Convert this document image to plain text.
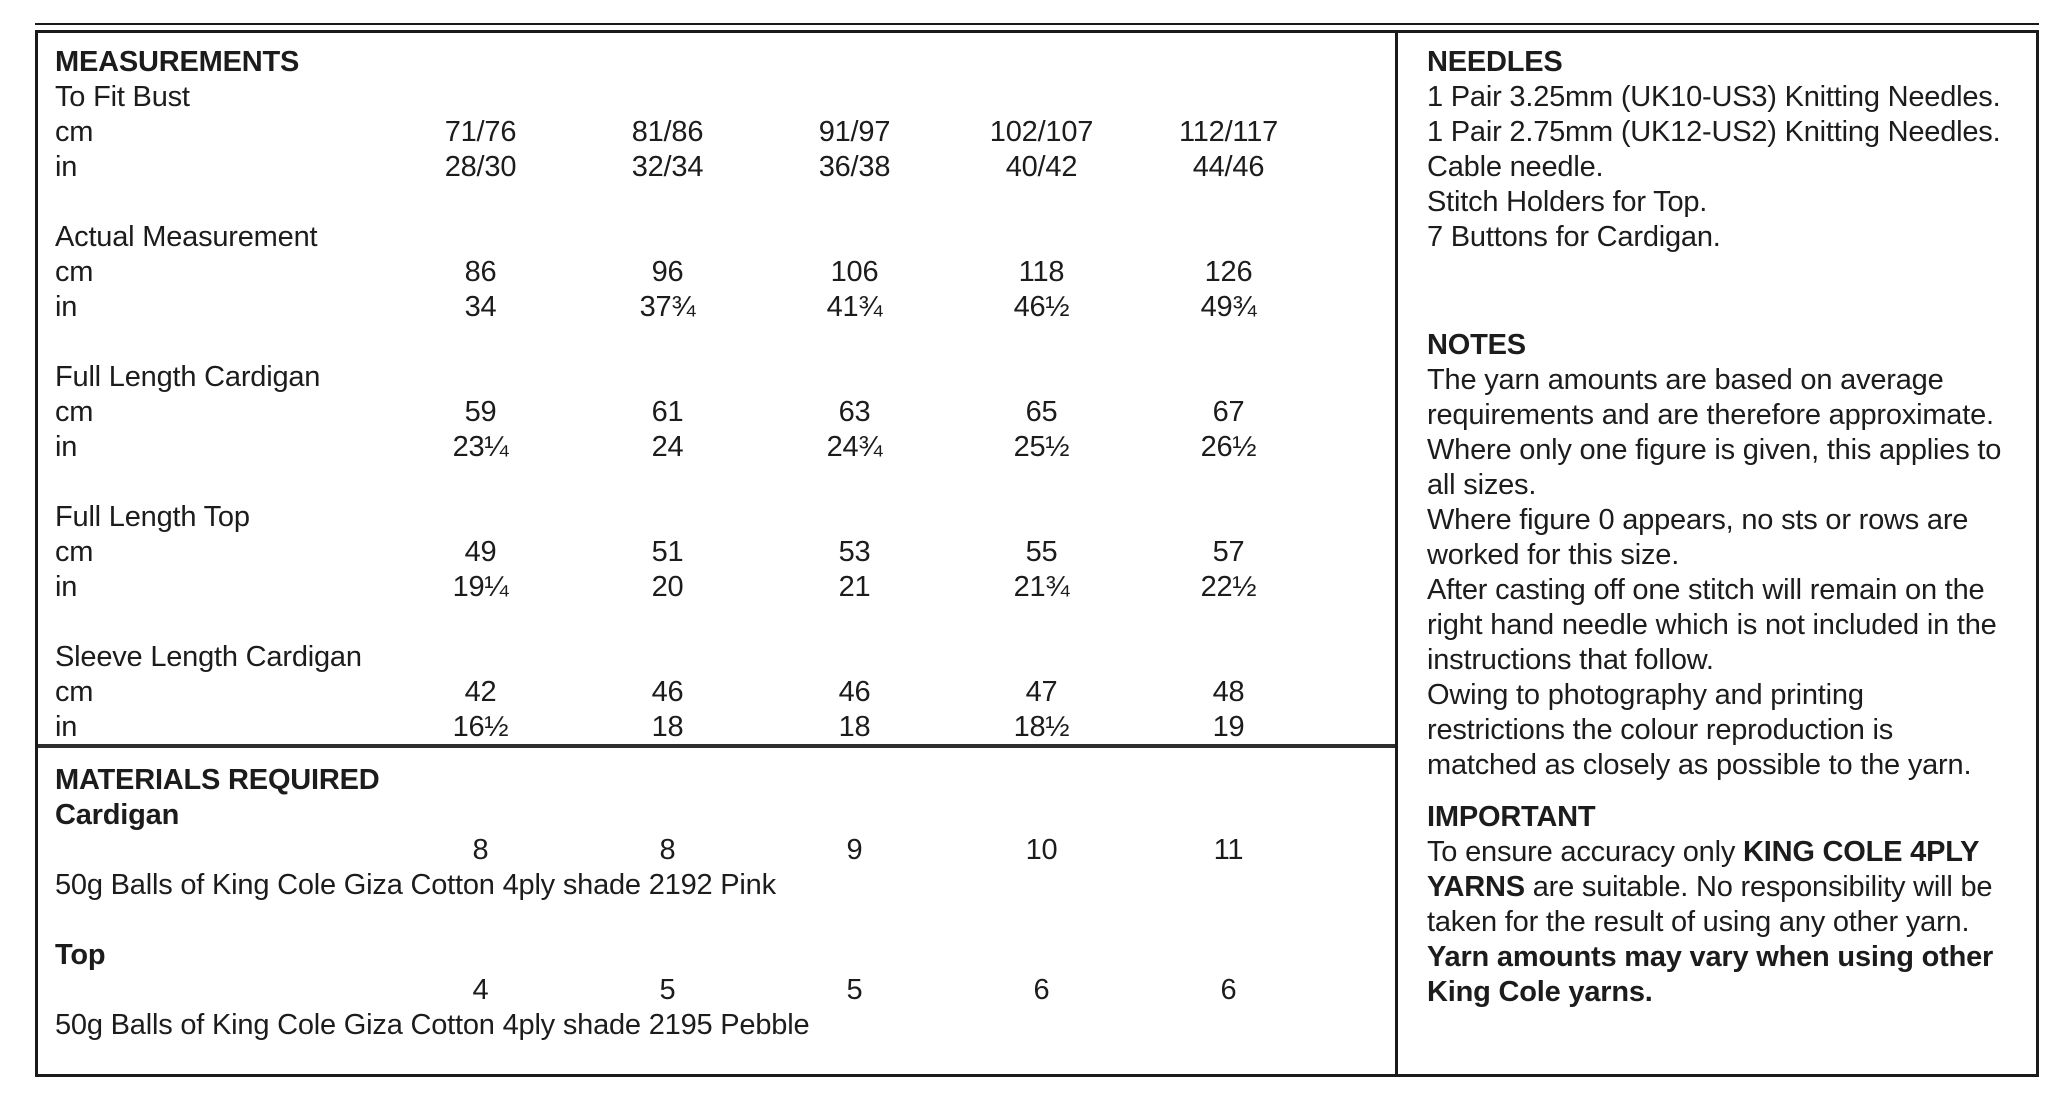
MEASUREMENTS
To Fit Bust
cm	71/76	81/86	91/97	102/107	112/117
in	28/30	32/34	36/38	40/42	44/46
Actual Measurement
cm	86	96	106	118	126
in	34	37¾	41¾	46½	49¾
Full Length Cardigan
cm	59	61	63	65	67
in	23¼	24	24¾	25½	26½
Full Length Top
cm	49	51	53	55	57
in	19¼	20	21	21¾	22½
Sleeve Length Cardigan
cm	42	46	46	47	48
in	16½	18	18	18½	19
MATERIALS REQUIRED
Cardigan
8	8	9	10	11

50g Balls of King Cole Giza Cotton 4ply shade 2192 Pink

Top
4	5	5	6	6

50g Balls of King Cole Giza Cotton 4ply shade 2195 Pebble

NEEDLES

1 Pair 3.25mm (UK10-US3) Knitting Needles.

1 Pair 2.75mm (UK12-US2) Knitting Needles.

Cable needle.

Stitch Holders for Top.

7 Buttons for Cardigan.

NOTES

The yarn amounts are based on average requirements and are therefore approximate.

Where only one figure is given, this applies to all sizes.

Where figure 0 appears, no sts or rows are worked for this size.

After casting off one stitch will remain on the right hand needle which is not included in the instructions that follow.

Owing to photography and printing restrictions the colour reproduction is matched as closely as possible to the yarn.

IMPORTANT

To ensure accuracy only KING COLE 4PLY YARNS are suitable. No responsibility will be taken for the result of using any other yarn.

Yarn amounts may vary when using other King Cole yarns.
